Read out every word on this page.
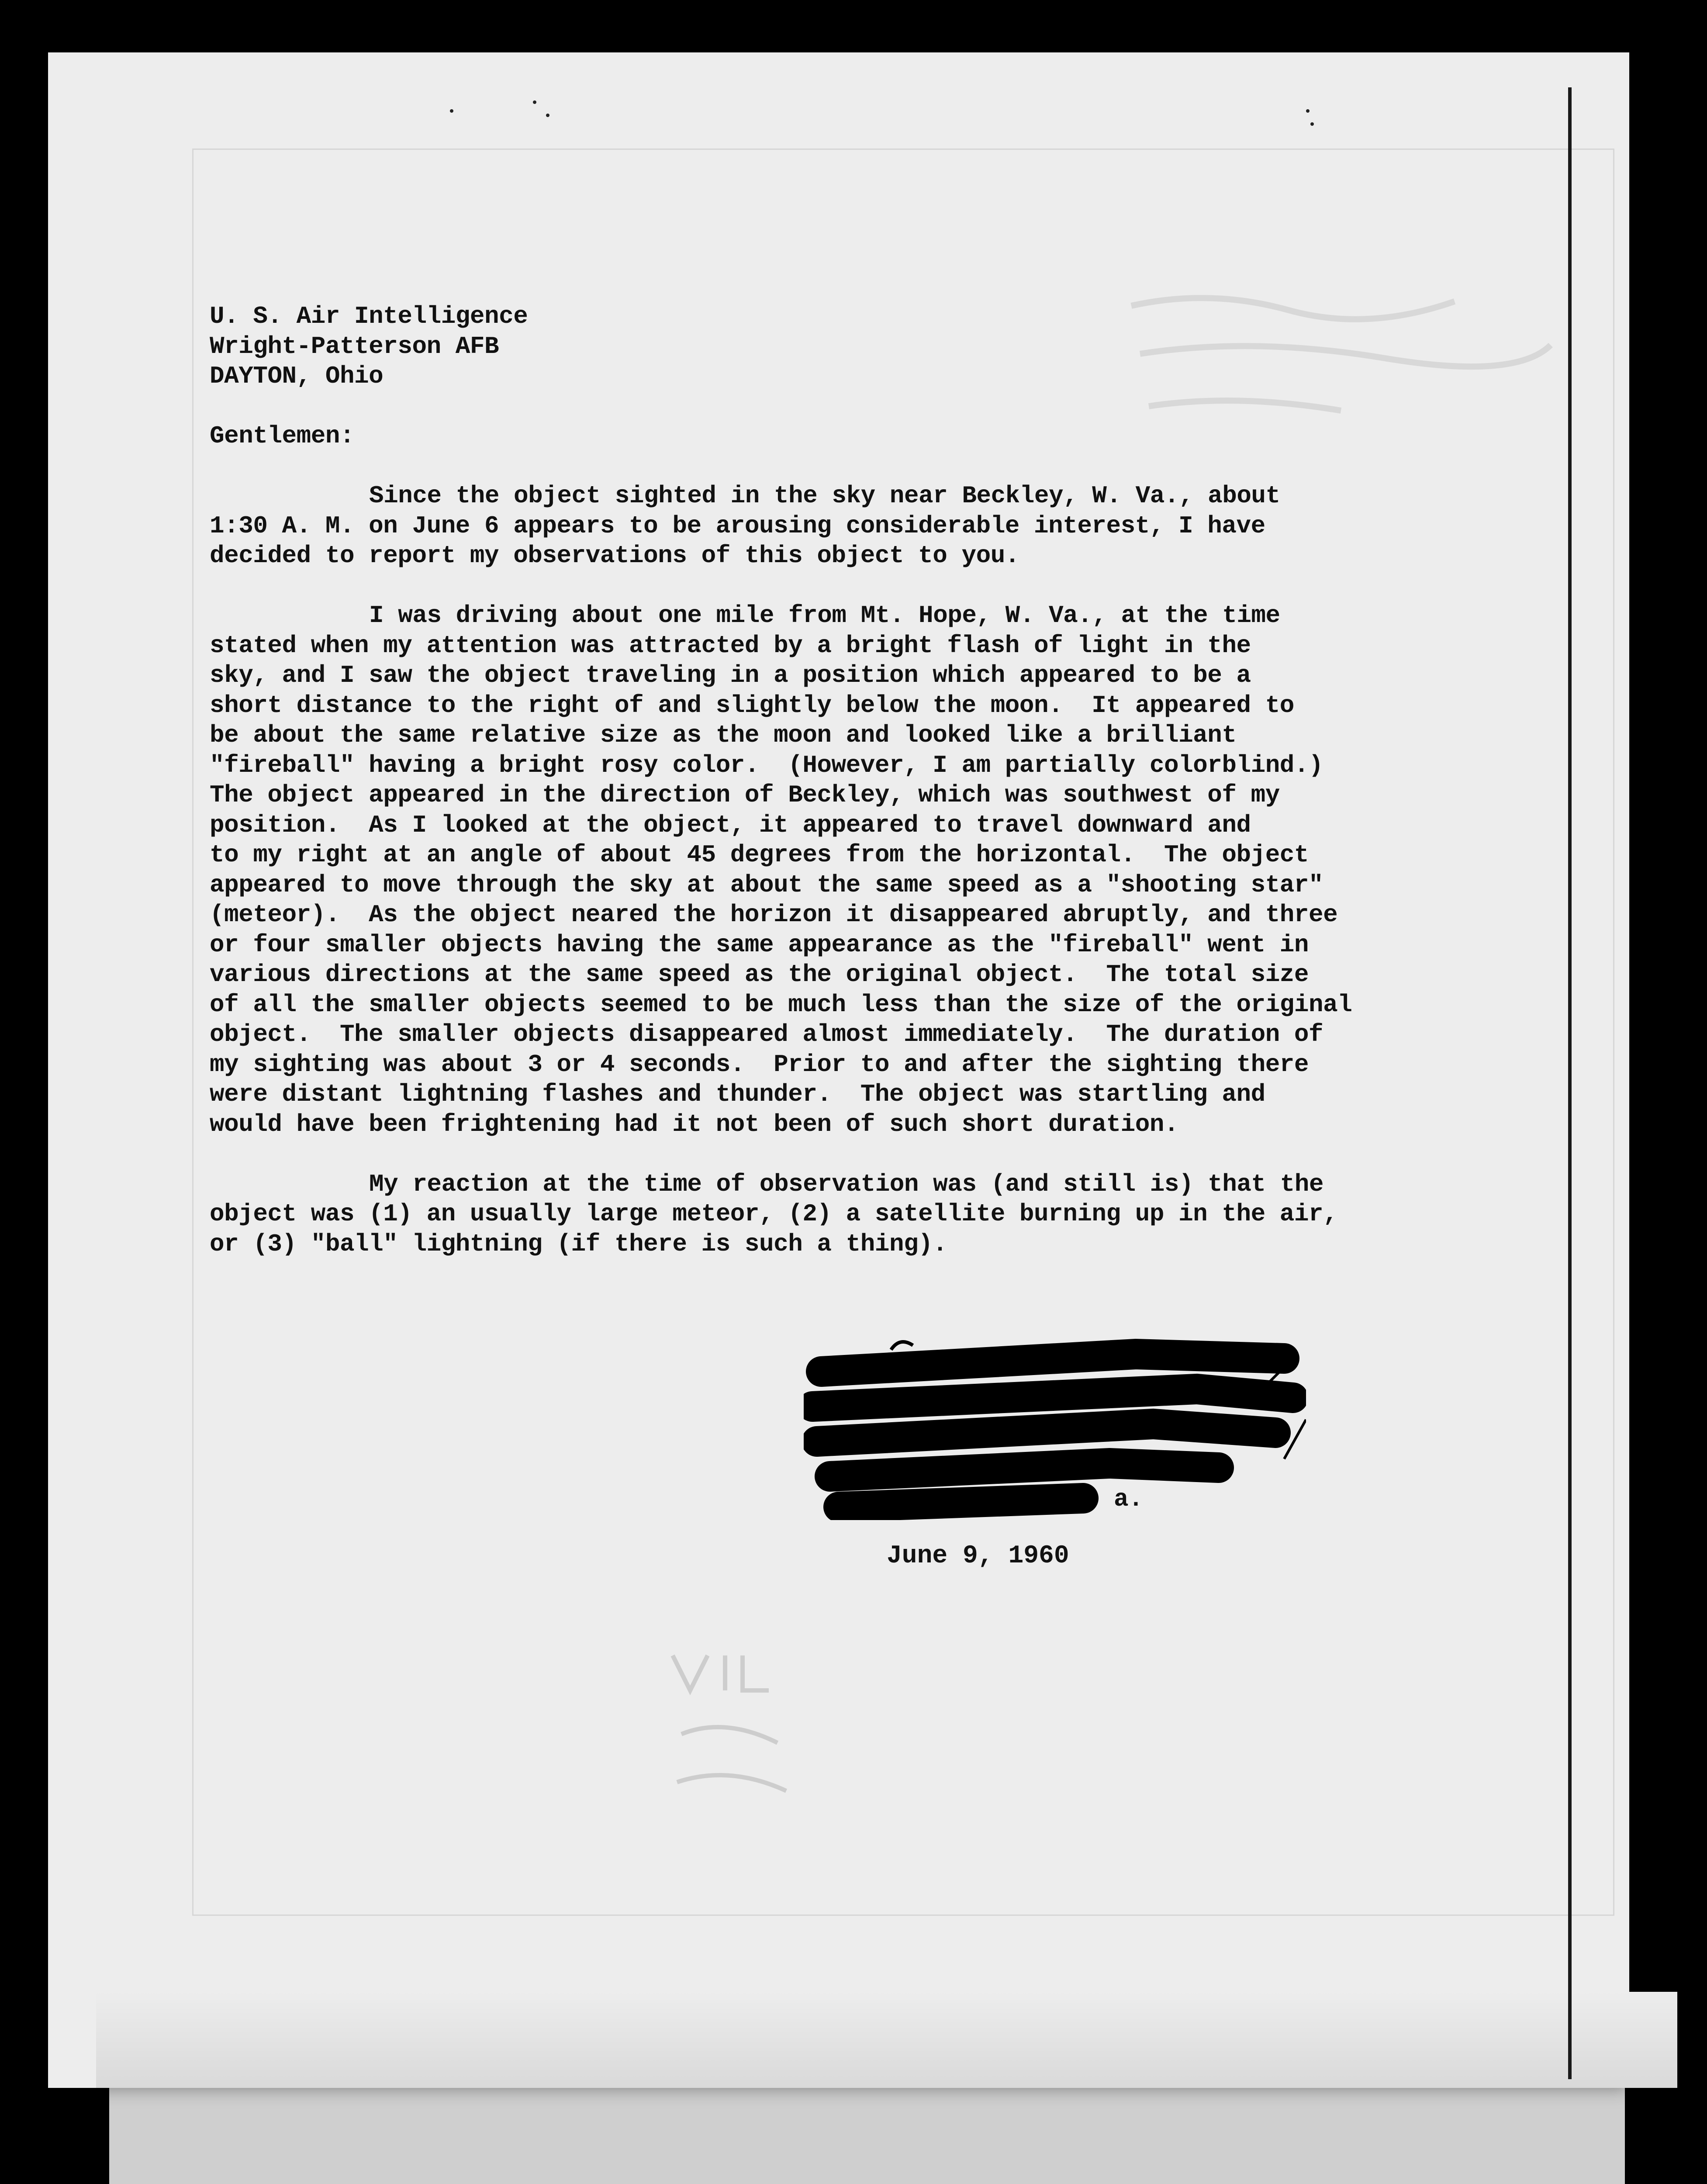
U. S. Air Intelligence
Wright-Patterson AFB
DAYTON, Ohio
Gentlemen:
Since the object sighted in the sky near Beckley, W. Va., about
1:30 A. M. on June 6 appears to be arousing considerable interest, I have
decided to report my observations of this object to you.
I was driving about one mile from Mt. Hope, W. Va., at the time
stated when my attention was attracted by a bright flash of light in the
sky, and I saw the object traveling in a position which appeared to be a
short distance to the right of and slightly below the moon.  It appeared to
be about the same relative size as the moon and looked like a brilliant
"fireball" having a bright rosy color.  (However, I am partially colorblind.)
The object appeared in the direction of Beckley, which was southwest of my
position.  As I looked at the object, it appeared to travel downward and
to my right at an angle of about 45 degrees from the horizontal.  The object
appeared to move through the sky at about the same speed as a "shooting star"
(meteor).  As the object neared the horizon it disappeared abruptly, and three
or four smaller objects having the same appearance as the "fireball" went in
various directions at the same speed as the original object.  The total size
of all the smaller objects seemed to be much less than the size of the original
object.  The smaller objects disappeared almost immediately.  The duration of
my sighting was about 3 or 4 seconds.  Prior to and after the sighting there
were distant lightning flashes and thunder.  The object was startling and
would have been frightening had it not been of such short duration.
My reaction at the time of observation was (and still is) that the
object was (1) an usually large meteor, (2) a satellite burning up in the air,
or (3) "ball" lightning (if there is such a thing).
a.
June 9, 1960
